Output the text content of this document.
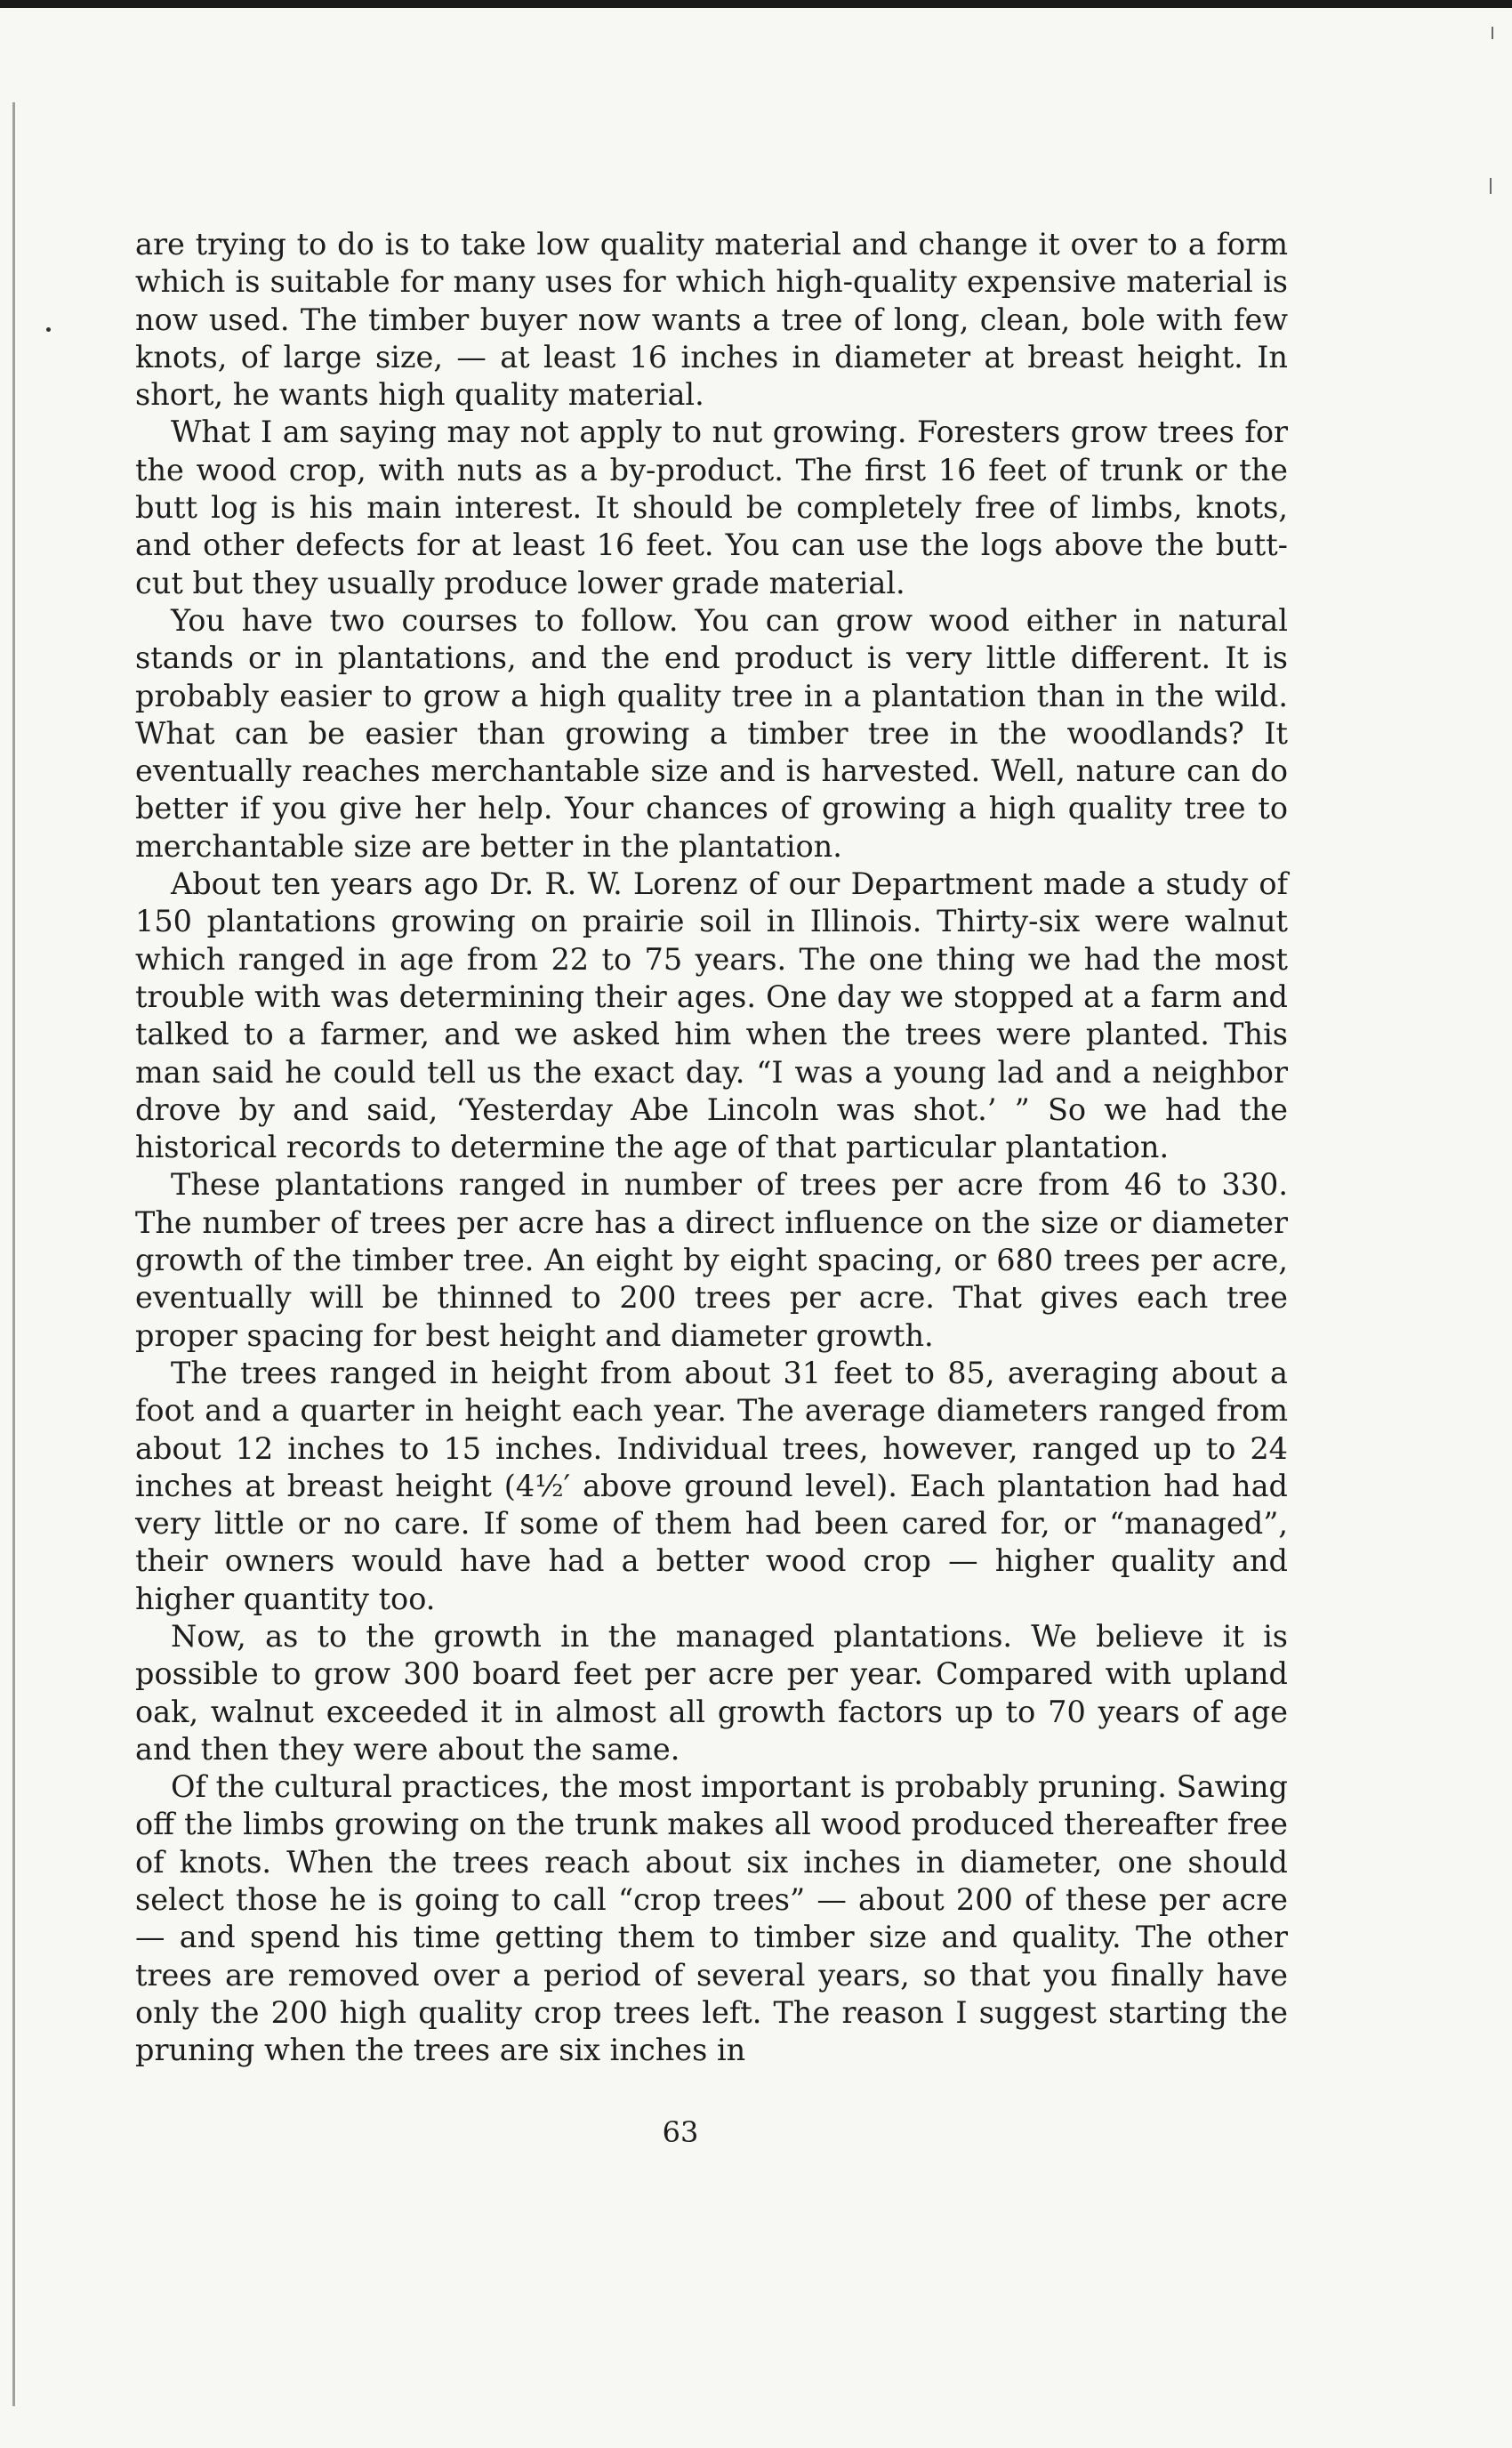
are trying to do is to take low quality material and change it over to a form which is suitable for many uses for which high-quality expensive material is now used. The timber buyer now wants a tree of long, clean, bole with few knots, of large size, — at least 16 inches in diameter at breast height. In short, he wants high quality material.

What I am saying may not apply to nut growing. Foresters grow trees for the wood crop, with nuts as a by-product. The first 16 feet of trunk or the butt log is his main interest. It should be completely free of limbs, knots, and other defects for at least 16 feet. You can use the logs above the butt-cut but they usually produce lower grade material.

You have two courses to follow. You can grow wood either in natural stands or in plantations, and the end product is very little different. It is probably easier to grow a high quality tree in a plantation than in the wild. What can be easier than growing a timber tree in the woodlands? It eventually reaches merchantable size and is harvested. Well, nature can do better if you give her help. Your chances of growing a high quality tree to merchantable size are better in the plantation.

About ten years ago Dr. R. W. Lorenz of our Department made a study of 150 plantations growing on prairie soil in Illinois. Thirty-six were walnut which ranged in age from 22 to 75 years. The one thing we had the most trouble with was determining their ages. One day we stopped at a farm and talked to a farmer, and we asked him when the trees were planted. This man said he could tell us the exact day. “I was a young lad and a neighbor drove by and said, ‘Yesterday Abe Lincoln was shot.’ ” So we had the historical records to determine the age of that particular plantation.

These plantations ranged in number of trees per acre from 46 to 330. The number of trees per acre has a direct influence on the size or diameter growth of the timber tree. An eight by eight spacing, or 680 trees per acre, eventually will be thinned to 200 trees per acre. That gives each tree proper spacing for best height and diameter growth.

The trees ranged in height from about 31 feet to 85, averaging about a foot and a quarter in height each year. The average diameters ranged from about 12 inches to 15 inches. Individual trees, however, ranged up to 24 inches at breast height (4½′ above ground level). Each plantation had had very little or no care. If some of them had been cared for, or “managed”, their owners would have had a better wood crop — higher quality and higher quantity too.

Now, as to the growth in the managed plantations. We believe it is possible to grow 300 board feet per acre per year. Compared with upland oak, walnut exceeded it in almost all growth factors up to 70 years of age and then they were about the same.

Of the cultural practices, the most important is probably pruning. Sawing off the limbs growing on the trunk makes all wood produced thereafter free of knots. When the trees reach about six inches in diameter, one should select those he is going to call “crop trees” — about 200 of these per acre — and spend his time getting them to timber size and quality. The other trees are removed over a period of several years, so that you finally have only the 200 high quality crop trees left. The reason I suggest starting the pruning when the trees are six inches in

63
